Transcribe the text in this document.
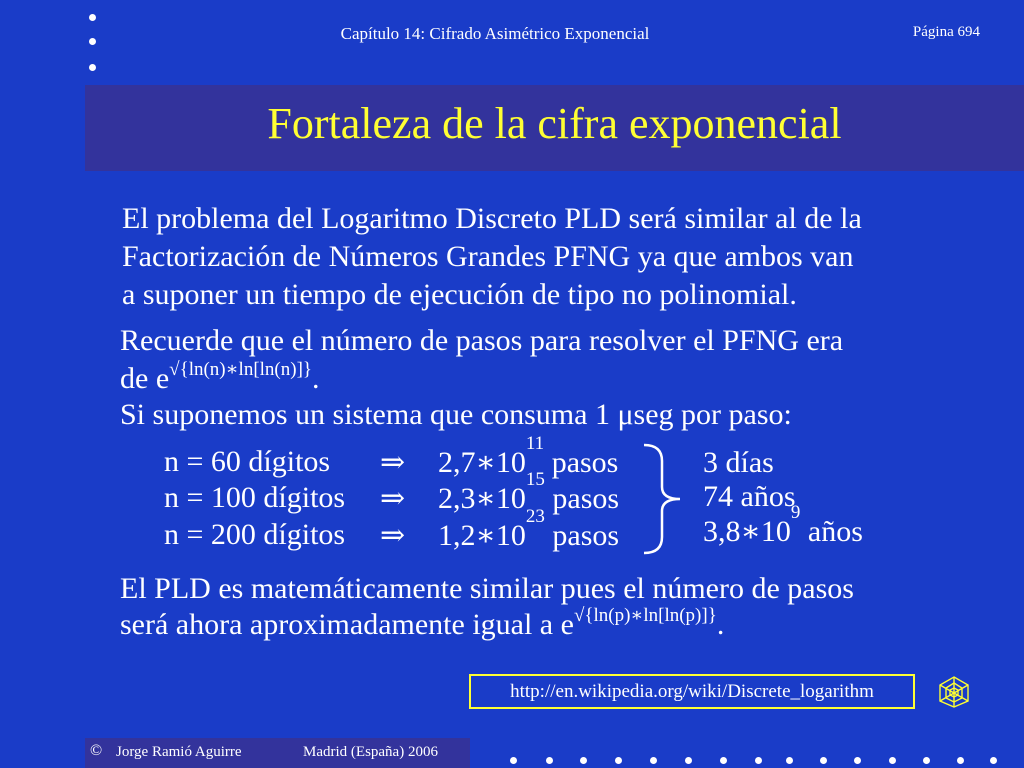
Capítulo 14: Cifrado Asimétrico Exponencial	Página 694
Fortaleza de la cifra exponencial
El problema del Logaritmo Discreto PLD será similar al de la
Factorización de Números Grandes PFNG ya que ambos van
a suponer un tiempo de ejecución de tipo no polinomial.
Recuerde que el número de pasos para resolver el PFNG era
de $e^{√\{ln(n)∗ln[ln(n)]\}}$.
Si suponemos un sistema que consuma 1 μseg por paso:
n = 60 dígitos ⇒ $2,7∗10^{11}$ pasos
n = 100 dígitos ⇒ $2,3∗10^{15}$ pasos
n = 200 dígitos ⇒ $1,2∗10^{23}$ pasos
3 días
74 años
$3,8∗10^9$ años
El PLD es matemáticamente similar pues el número de pasos
será ahora aproximadamente igual a $e^{√\{ln(p)∗ln[ln(p)]\}}$.
http://en.wikipedia.org/wiki/Discrete_logarithm
© Jorge Ramió Aguirre	Madrid (España) 2006
